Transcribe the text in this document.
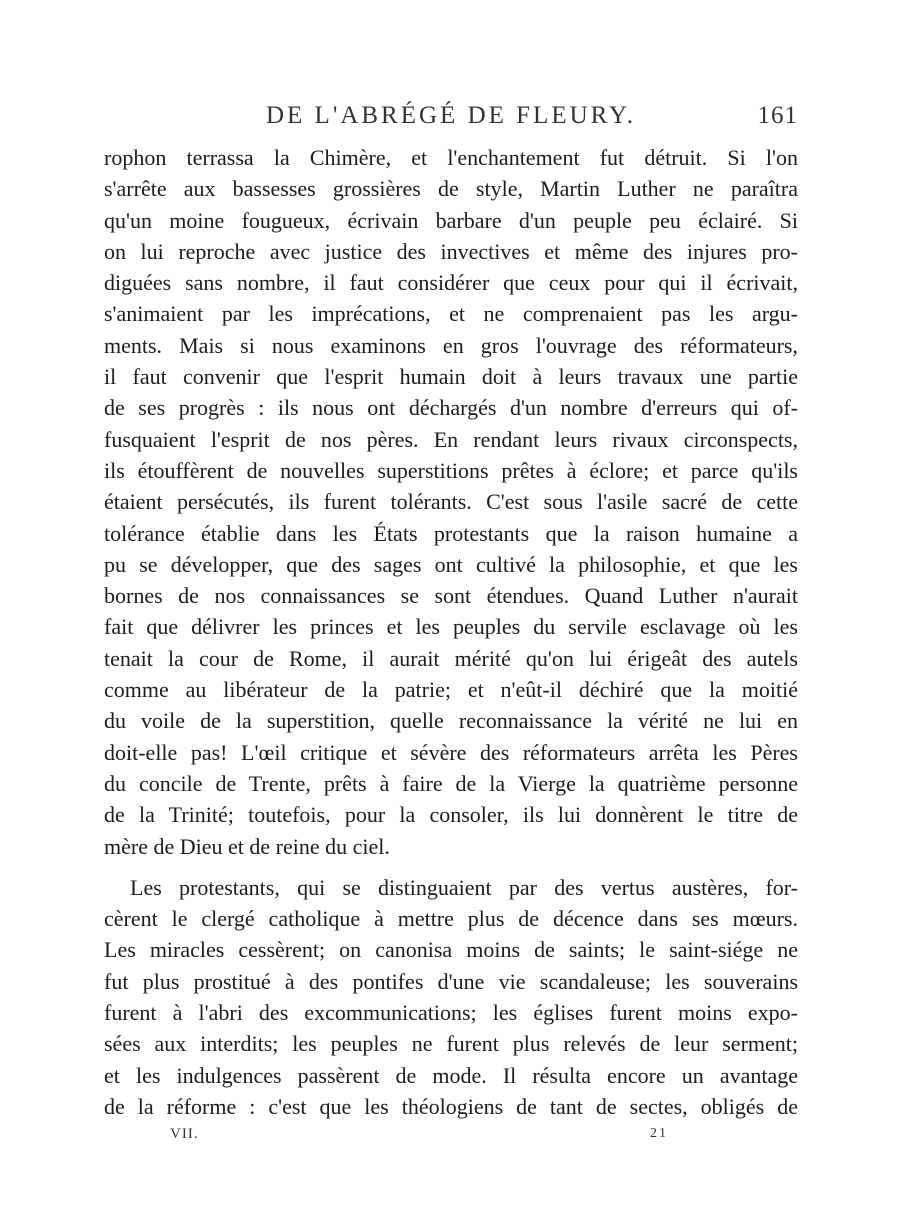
DE L'ABRÉGÉ DE FLEURY.	161
rophon terrassa la Chimère, et l'enchantement fut détruit. Si l'on
s'arrête aux bassesses grossières de style, Martin Luther ne paraîtra
qu'un moine fougueux, écrivain barbare d'un peuple peu éclairé. Si
on lui reproche avec justice des invectives et même des injures pro-
diguées sans nombre, il faut considérer que ceux pour qui il écrivait,
s'animaient par les imprécations, et ne comprenaient pas les argu-
ments. Mais si nous examinons en gros l'ouvrage des réformateurs,
il faut convenir que l'esprit humain doit à leurs travaux une partie
de ses progrès : ils nous ont déchargés d'un nombre d'erreurs qui of-
fusquaient l'esprit de nos pères. En rendant leurs rivaux circonspects,
ils étouffèrent de nouvelles superstitions prêtes à éclore; et parce qu'ils
étaient persécutés, ils furent tolérants. C'est sous l'asile sacré de cette
tolérance établie dans les États protestants que la raison humaine a
pu se développer, que des sages ont cultivé la philosophie, et que les
bornes de nos connaissances se sont étendues. Quand Luther n'aurait
fait que délivrer les princes et les peuples du servile esclavage où les
tenait la cour de Rome, il aurait mérité qu'on lui érigeât des autels
comme au libérateur de la patrie; et n'eût-il déchiré que la moitié
du voile de la superstition, quelle reconnaissance la vérité ne lui en
doit-elle pas! L'œil critique et sévère des réformateurs arrêta les Pères
du concile de Trente, prêts à faire de la Vierge la quatrième personne
de la Trinité; toutefois, pour la consoler, ils lui donnèrent le titre de
mère de Dieu et de reine du ciel.
Les protestants, qui se distinguaient par des vertus austères, for-
cèrent le clergé catholique à mettre plus de décence dans ses mœurs.
Les miracles cessèrent; on canonisa moins de saints; le saint-siége ne
fut plus prostitué à des pontifes d'une vie scandaleuse; les souverains
furent à l'abri des excommunications; les églises furent moins expo-
sées aux interdits; les peuples ne furent plus relevés de leur serment;
et les indulgences passèrent de mode. Il résulta encore un avantage
de la réforme : c'est que les théologiens de tant de sectes, obligés de
VII.	21
